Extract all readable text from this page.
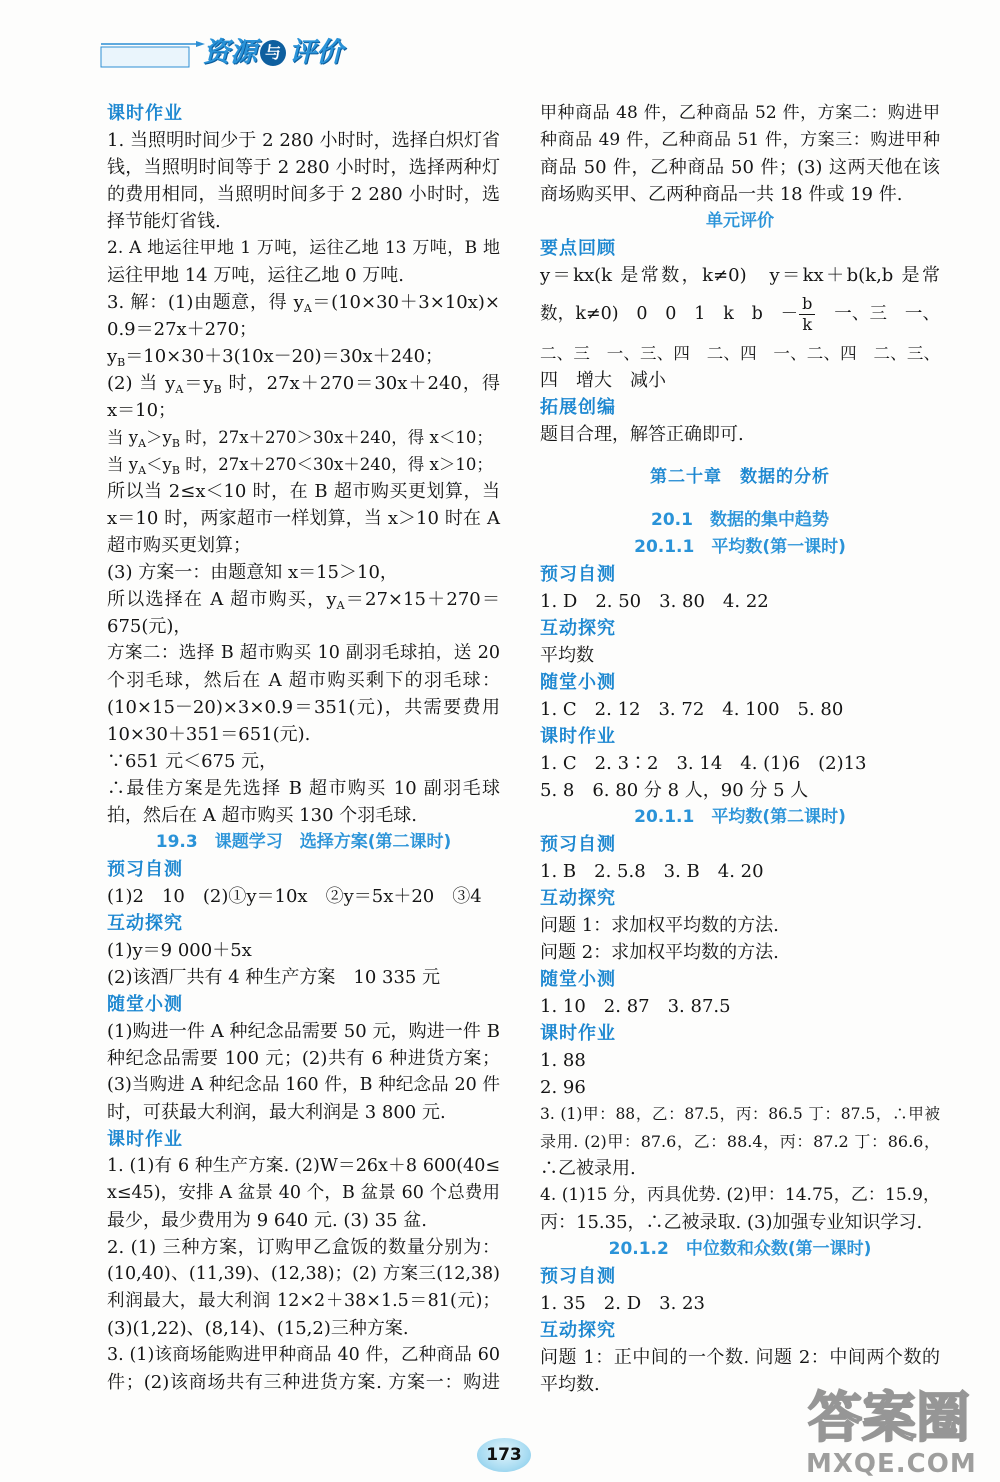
资源 与 评价
课时作业
1. 当照明时间少于 2 280 小时时，选择白炽灯省
钱，当照明时间等于 2 280 小时时，选择两种灯
的费用相同，当照明时间多于 2 280 小时时，选
择节能灯省钱.
2. A 地运往甲地 1 万吨，运往乙地 13 万吨，B 地
运往甲地 14 万吨，运往乙地 0 万吨.
3. 解：(1)由题意，得 $y_A=(10\times 30+3\times 10x)\times$
0.9＝27x＋270；
$y_B=10\times 30+3(10x-20)=30x+240$；
(2) 当 $y_A=y_B$ 时，27x＋270＝30x＋240，得
x＝10；
当 $y_A>y_B$ 时，27x＋270＞30x＋240，得 x＜10；
当 $y_A<y_B$ 时，27x＋270＜30x＋240，得 x＞10；
所以当 2≤x＜10 时，在 B 超市购买更划算，当
x＝10 时，两家超市一样划算，当 x＞10 时在 A
超市购买更划算；
(3) 方案一：由题意知 x＝15＞10，
所以选择在 A 超市购买，$y_A=27\times 15+270=$
675(元)，
方案二：选择 B 超市购买 10 副羽毛球拍，送 20
个羽毛球，然后在 A 超市购买剩下的羽毛球：
(10×15－20)×3×0.9＝351(元)，共需要费用
10×30＋351＝651(元).
∵651 元＜675 元，
∴最佳方案是先选择 B 超市购买 10 副羽毛球
拍，然后在 A 超市购买 130 个羽毛球.
19.3　课题学习　选择方案(第二课时)
预习自测
(1)2　10　(2)①y＝10x　②y＝5x＋20　③4
互动探究
(1)y＝9 000＋5x
(2)该酒厂共有 4 种生产方案　10 335 元
随堂小测
(1)购进一件 A 种纪念品需要 50 元，购进一件 B
种纪念品需要 100 元；(2)共有 6 种进货方案；
(3)当购进 A 种纪念品 160 件，B 种纪念品 20 件
时，可获最大利润，最大利润是 3 800 元.
课时作业
1. (1)有 6 种生产方案. (2)W＝26x＋8 600(40≤
x≤45)，安排 A 盆景 40 个，B 盆景 60 个总费用
最少，最少费用为 9 640 元. (3) 35 盆.
2. (1) 三种方案，订购甲乙盒饭的数量分别为：
(10,40)、(11,39)、(12,38)；(2) 方案三(12,38)
利润最大，最大利润 12×2＋38×1.5＝81(元)；
(3)(1,22)、(8,14)、(15,2)三种方案.
3. (1)该商场能购进甲种商品 40 件，乙种商品 60
件；(2)该商场共有三种进货方案. 方案一：购进
甲种商品 48 件，乙种商品 52 件，方案二：购进甲
种商品 49 件，乙种商品 51 件，方案三：购进甲种
商品 50 件，乙种商品 50 件；(3) 这两天他在该
商场购买甲、乙两种商品一共 18 件或 19 件.
单元评价
要点回顾
y＝kx(k 是常数，k≠0)　y＝kx＋b(k,b 是常
数，k≠0)　0　0　1　k　b　－ $\frac{b}{k}$ 　一、三　一、
二、三　一、三、四　二、四　一、二、四　二、三、
四　增大　减小
拓展创编
题目合理，解答正确即可.
第二十章　数据的分析
20.1　数据的集中趋势
20.1.1　平均数(第一课时)
预习自测
1. D　2. 50　3. 80　4. 22
互动探究
平均数
随堂小测
1. C　2. 12　3. 72　4. 100　5. 80
课时作业
1. C　2. 3∶2　3. 14　4. (1)6　(2)13
5. 8　6. 80 分 8 人，90 分 5 人
20.1.1　平均数(第二课时)
预习自测
1. B　2. 5.8　3. B　4. 20
互动探究
问题 1：求加权平均数的方法.
问题 2：求加权平均数的方法.
随堂小测
1. 10　2. 87　3. 87.5
课时作业
1. 88
2. 96
3. (1)甲：88，乙：87.5，丙：86.5 丁：87.5，∴甲被
录用. (2)甲：87.6，乙：88.4，丙：87.2 丁：86.6，
∴乙被录用.
4. (1)15 分，丙具优势. (2)甲：14.75，乙：15.9，
丙：15.35，∴乙被录取. (3)加强专业知识学习.
20.1.2　中位数和众数(第一课时)
预习自测
1. 35　2. D　3. 23
互动探究
问题 1：正中间的一个数. 问题 2：中间两个数的
平均数.
173
答案圈
MXQE.COM
